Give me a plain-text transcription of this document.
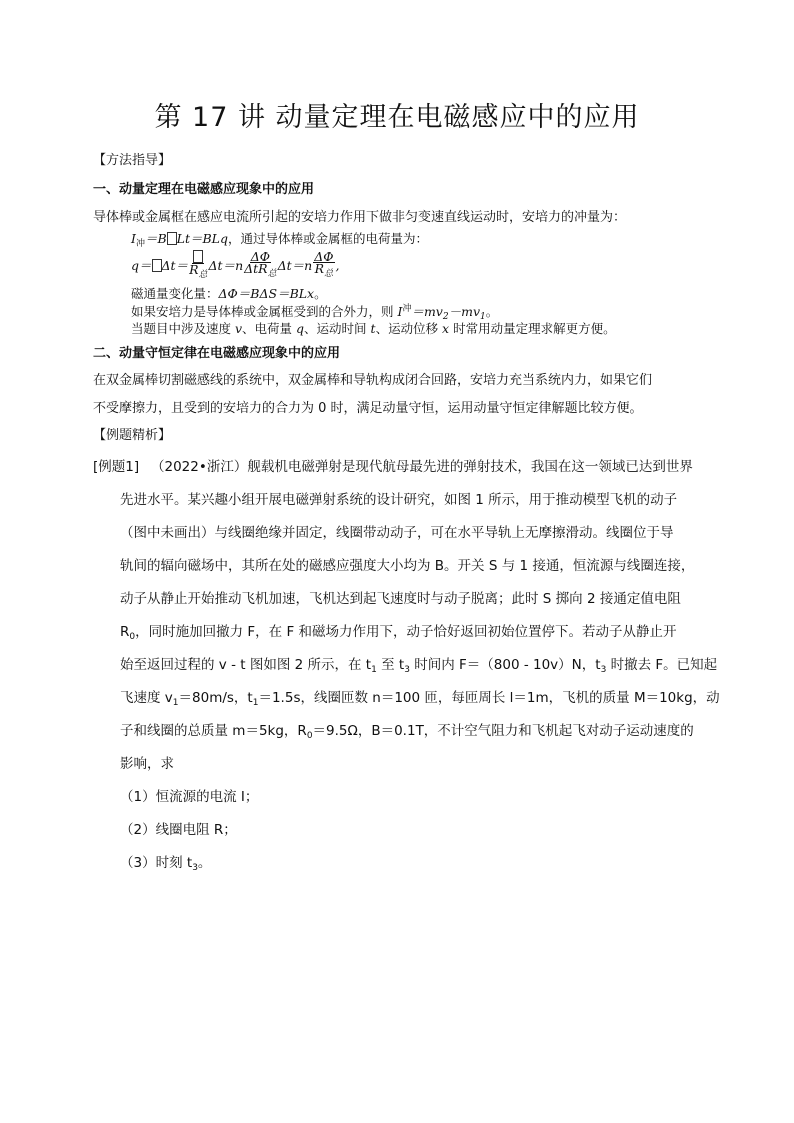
第 17 讲 动量定理在电磁感应中的应用
【方法指导】
一、动量定理在电磁感应现象中的应用
导体棒或金属框在感应电流所引起的安培力作用下做非匀变速直线运动时，安培力的冲量为：
$I_冲=B$ Lt＝BLq，通过导体棒或金属框的电荷量为：
$q= \Delta t= R_总$
$\Delta t=n \frac{\Delta\Phi}{\Delta tR_总} \Delta t=n \frac{\Delta\Phi}{R_总}$ ,
磁通量变化量：ΔΦ＝BΔS＝BLx。
如果安培力是导体棒或金属框受到的合外力，则 $I^冲=mv_2-mv_1$。
当题目中涉及速度 v、电荷量 q、运动时间 t、运动位移 x 时常用动量定理求解更方便。
二、动量守恒定律在电磁感应现象中的应用
在双金属棒切割磁感线的系统中，双金属棒和导轨构成闭合回路，安培力充当系统内力，如果它们
不受摩擦力，且受到的安培力的合力为 0 时，满足动量守恒，运用动量守恒定律解题比较方便。
【例题精析】
[例题1] （2022•浙江）舰载机电磁弹射是现代航母最先进的弹射技术，我国在这一领域已达到世界
先进水平。某兴趣小组开展电磁弹射系统的设计研究，如图 1 所示，用于推动模型飞机的动子
（图中未画出）与线圈绝缘并固定，线圈带动动子，可在水平导轨上无摩擦滑动。线圈位于导
轨间的辐向磁场中，其所在处的磁感应强度大小均为 B。开关 S 与 1 接通，恒流源与线圈连接，
动子从静止开始推动飞机加速，飞机达到起飞速度时与动子脱离；此时 S 掷向 2 接通定值电阻
$R_0$，同时施加回撤力 F，在 F 和磁场力作用下，动子恰好返回初始位置停下。若动子从静止开
始至返回过程的 v - t 图如图 2 所示，在 $t_1$ 至 $t_3$ 时间内 F＝（800 - 10v）N，$t_3$ 时撤去 F。已知起
飞速度 $v_1=80m/s$，$t_1=1.5s$，线圈匝数 n＝100 匝，每匝周长 l＝1m，飞机的质量 M＝10kg，动
子和线圈的总质量 m＝5kg，$R_0=9.5\Omega$，B＝0.1T，不计空气阻力和飞机起飞对动子运动速度的
影响，求
（1）恒流源的电流 I；
（2）线圈电阻 R；
（3）时刻 $t_3$。
